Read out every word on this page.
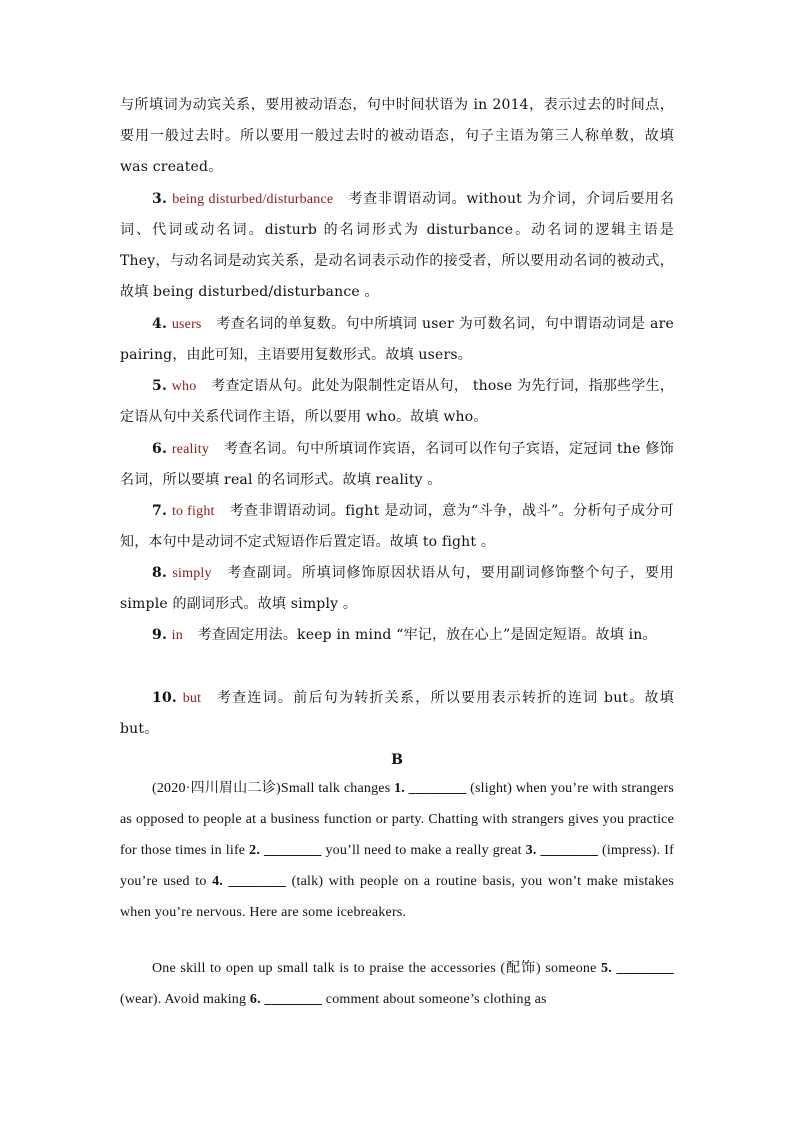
与所填词为动宾关系，要用被动语态，句中时间状语为 in 2014，表示过去的时间点，要用一般过去时。所以要用一般过去时的被动语态，句子主语为第三人称单数，故填 was created。

3. being disturbed/disturbance 考查非谓语动词。without 为介词，介词后要用名词、代词或动名词。disturb 的名词形式为 disturbance。动名词的逻辑主语是 They，与动名词是动宾关系，是动名词表示动作的接受者，所以要用动名词的被动式，故填 being disturbed/disturbance 。

4. users 考查名词的单复数。句中所填词 user 为可数名词，句中谓语动词是 are pairing，由此可知，主语要用复数形式。故填 users。

5. who 考查定语从句。此处为限制性定语从句， those 为先行词，指那些学生，定语从句中关系代词作主语，所以要用 who。故填 who。

6. reality 考查名词。句中所填词作宾语，名词可以作句子宾语，定冠词 the 修饰名词，所以要填 real 的名词形式。故填 reality 。

7. to fight 考查非谓语动词。fight 是动词，意为“斗争，战斗”。分析句子成分可知，本句中是动词不定式短语作后置定语。故填 to fight 。

8. simply 考查副词。所填词修饰原因状语从句，要用副词修饰整个句子，要用 simple 的副词形式。故填 simply 。

9. in 考查固定用法。keep in mind “牢记，放在心上”是固定短语。故填 in。

10. but 考查连词。前后句为转折关系，所以要用表示转折的连词 but。故填 but。

B

(2020·四川眉山二诊)Small talk changes 1. ________ (slight) when you’re with strangers as opposed to people at a business function or party. Chatting with strangers gives you practice for those times in life 2. ________ you’ll need to make a really great 3. ________ (impress). If you’re used to 4. ________ (talk) with people on a routine basis, you won’t make mistakes when you’re nervous. Here are some icebreakers.

One skill to open up small talk is to praise the accessories (配饰) someone 5. ________ (wear). Avoid making 6. ________ comment about someone’s clothing as
